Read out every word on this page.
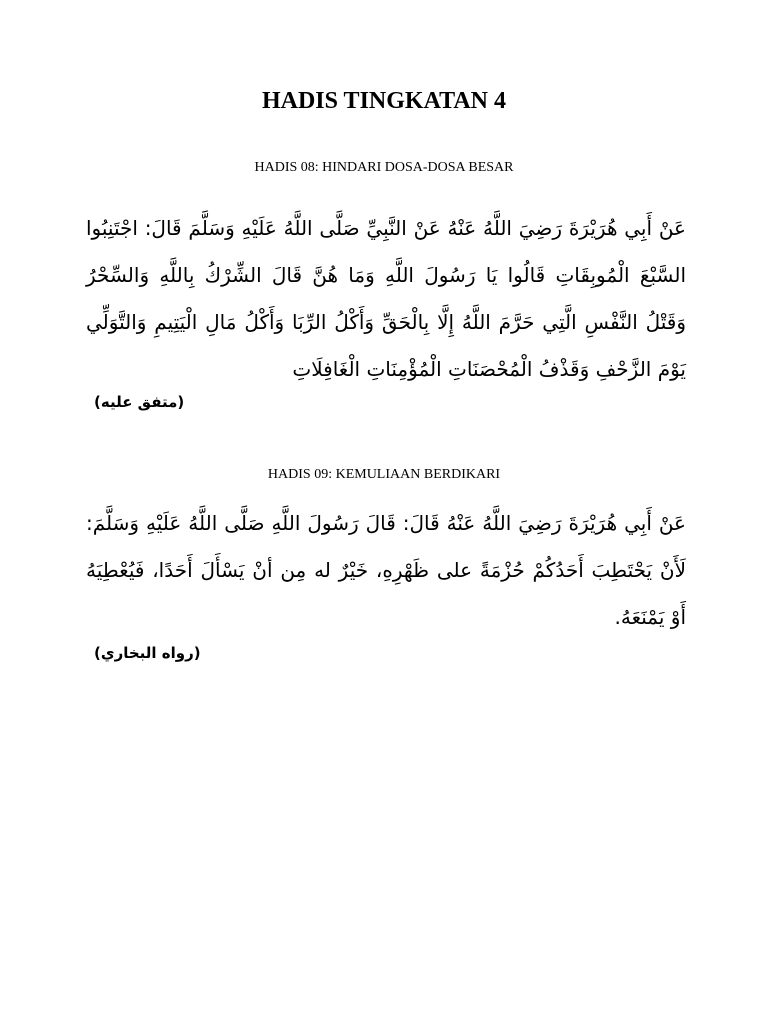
HADIS TINGKATAN 4
HADIS 08: HINDARI DOSA-DOSA BESAR

عَنْ أَبِي هُرَيْرَةَ رَضِيَ اللَّهُ عَنْهُ عَنْ النَّبِيِّ صَلَّى اللَّهُ عَلَيْهِ وَسَلَّمَ قَالَ: اجْتَنِبُوا السَّبْعَ الْمُوبِقَاتِ قَالُوا يَا رَسُولَ اللَّهِ وَمَا هُنَّ قَالَ الشِّرْكُ بِاللَّهِ وَالسِّحْرُ وَقَتْلُ النَّفْسِ الَّتِي حَرَّمَ اللَّهُ إِلَّا بِالْحَقِّ وَأَكْلُ الرِّبَا وَأَكْلُ مَالِ الْيَتِيمِ وَالتَّوَلِّي يَوْمَ الزَّحْفِ وَقَذْفُ الْمُحْصَنَاتِ الْمُؤْمِنَاتِ الْغَافِلَاتِ

(متفق عليه)
HADIS 09: KEMULIAAN BERDIKARI

عَنْ أَبِي هُرَيْرَةَ رَضِيَ اللَّهُ عَنْهُ قَالَ: قَالَ رَسُولَ اللَّهِ صَلَّى اللَّهُ عَلَيْهِ وَسَلَّمَ: لَأَنْ يَحْتَطِبَ أَحَدُكُمْ حُزْمَةً على ظَهْرِهِ، خَيْرٌ له مِن أنْ يَسْأَلَ أَحَدًا، فَيُعْطِيَهُ أَوْ يَمْنَعَهُ.

(رواه البخاري)
